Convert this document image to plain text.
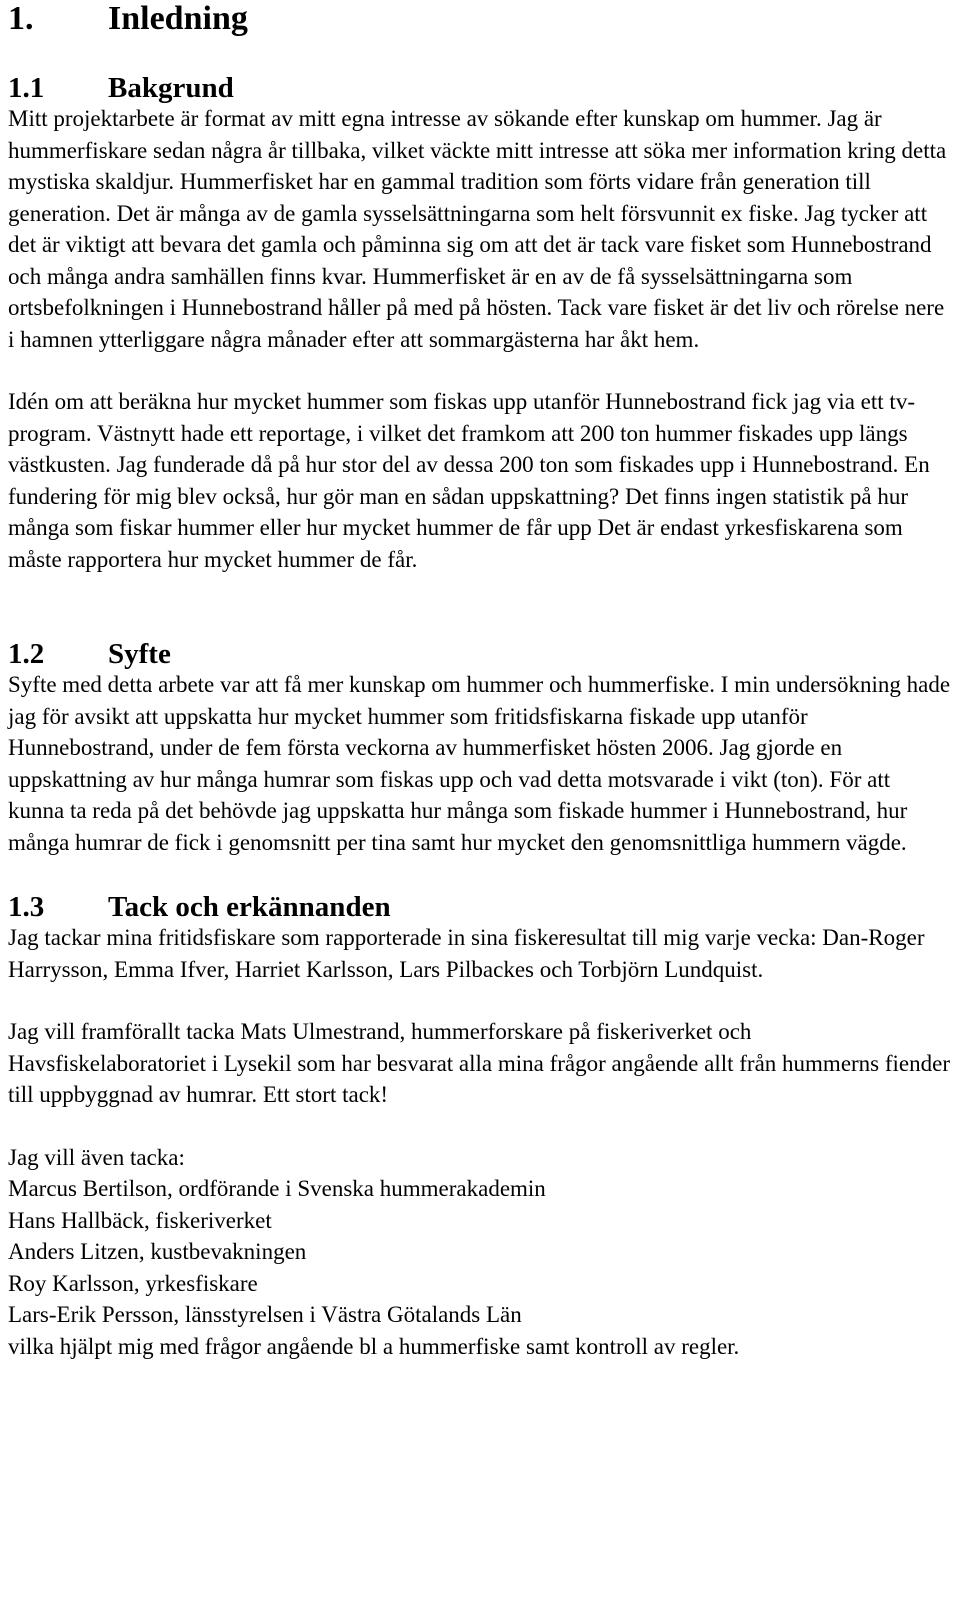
1.	Inledning
1.1	Bakgrund

Mitt projektarbete är format av mitt egna intresse av sökande efter kunskap om hummer. Jag är hummerfiskare sedan några år tillbaka, vilket väckte mitt intresse att söka mer information kring detta mystiska skaldjur. Hummerfisket har en gammal tradition som förts vidare från generation till generation. Det är många av de gamla sysselsättningarna som helt försvunnit ex fiske. Jag tycker att det är viktigt att bevara det gamla och påminna sig om att det är tack vare fisket som Hunnebostrand och många andra samhällen finns kvar. Hummerfisket är en av de få sysselsättningarna som ortsbefolkningen i Hunnebostrand håller på med på hösten. Tack vare fisket är det liv och rörelse nere i hamnen ytterliggare några månader efter att sommargästerna har åkt hem.

Idén om att beräkna hur mycket hummer som fiskas upp utanför Hunnebostrand fick jag via ett tv-program. Västnytt hade ett reportage, i vilket det framkom att 200 ton hummer fiskades upp längs västkusten. Jag funderade då på hur stor del av dessa 200 ton som fiskades upp i Hunnebostrand. En fundering för mig blev också, hur gör man en sådan uppskattning? Det finns ingen statistik på hur många som fiskar hummer eller hur mycket hummer de får upp Det är endast yrkesfiskarena som måste rapportera hur mycket hummer de får.

1.2	Syfte

Syfte med detta arbete var att få mer kunskap om hummer och hummerfiske. I min undersökning hade jag för avsikt att uppskatta hur mycket hummer som fritidsfiskarna fiskade upp utanför Hunnebostrand, under de fem första veckorna av hummerfisket hösten 2006. Jag gjorde en uppskattning av hur många humrar som fiskas upp och vad detta motsvarade i vikt (ton). För att kunna ta reda på det behövde jag uppskatta hur många som fiskade hummer i Hunnebostrand, hur många humrar de fick i genomsnitt per tina samt hur mycket den genomsnittliga hummern vägde.

1.3	Tack och erkännanden

Jag tackar mina fritidsfiskare som rapporterade in sina fiskeresultat till mig varje vecka: Dan-Roger Harrysson, Emma Ifver, Harriet Karlsson, Lars Pilbackes och Torbjörn Lundquist.

Jag vill framförallt tacka Mats Ulmestrand, hummerforskare på fiskeriverket och Havsfiskelaboratoriet i Lysekil som har besvarat alla mina frågor angående allt från hummerns fiender till uppbyggnad av humrar. Ett stort tack!

Jag vill även tacka:

Marcus Bertilson, ordförande i Svenska hummerakademin

Hans Hallbäck, fiskeriverket

Anders Litzen, kustbevakningen

Roy Karlsson, yrkesfiskare

Lars-Erik Persson, länsstyrelsen i Västra Götalands Län

vilka hjälpt mig med frågor angående bl a hummerfiske samt kontroll av regler.
